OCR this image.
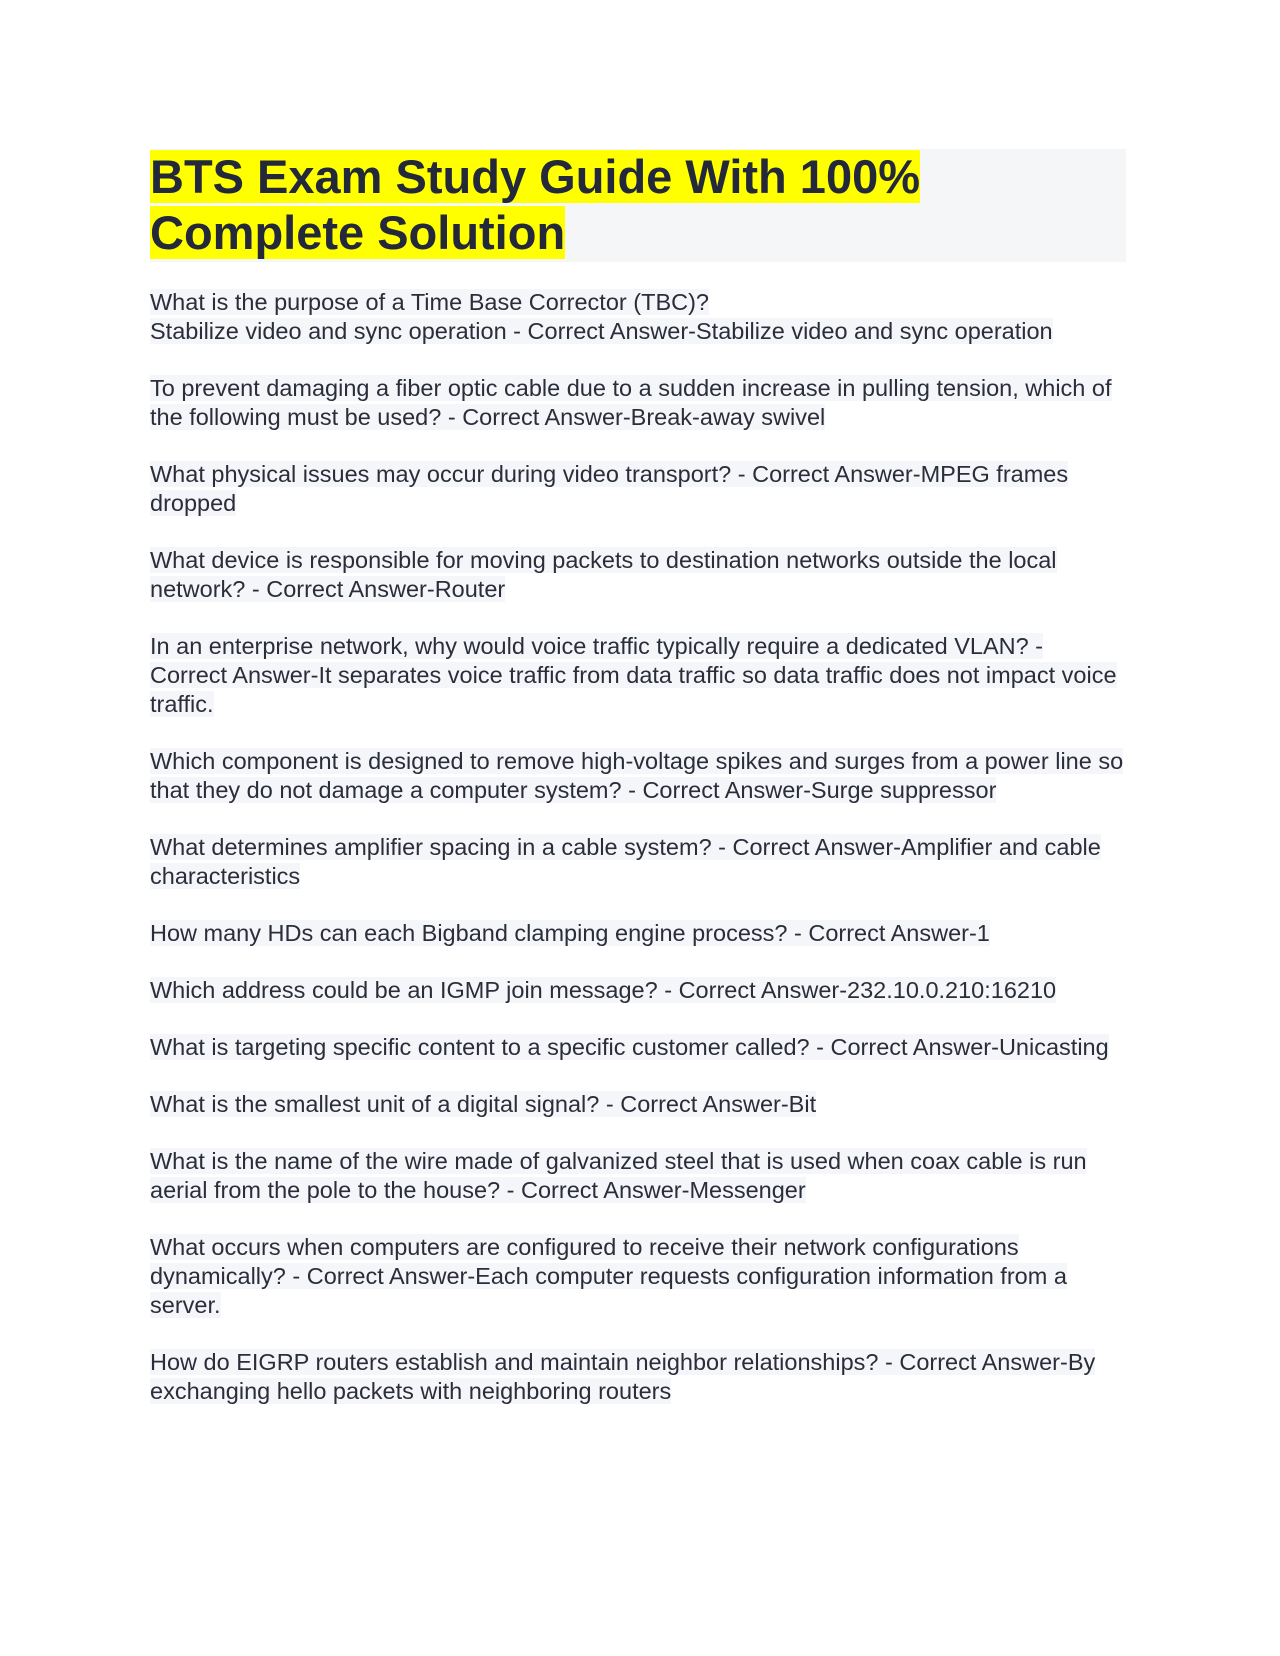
BTS Exam Study Guide With 100%
Complete Solution
What is the purpose of a Time Base Corrector (TBC)?
Stabilize video and sync operation - Correct Answer-Stabilize video and sync operation
To prevent damaging a fiber optic cable due to a sudden increase in pulling tension, which of the following must be used? - Correct Answer-Break-away swivel
What physical issues may occur during video transport? - Correct Answer-MPEG frames dropped
What device is responsible for moving packets to destination networks outside the local network? - Correct Answer-Router
In an enterprise network, why would voice traffic typically require a dedicated VLAN? - Correct Answer-It separates voice traffic from data traffic so data traffic does not impact voice traffic.
Which component is designed to remove high-voltage spikes and surges from a power line so that they do not damage a computer system? - Correct Answer-Surge suppressor
What determines amplifier spacing in a cable system? - Correct Answer-Amplifier and cable characteristics
How many HDs can each Bigband clamping engine process? - Correct Answer-1
Which address could be an IGMP join message? - Correct Answer-232.10.0.210:16210
What is targeting specific content to a specific customer called? - Correct Answer-Unicasting
What is the smallest unit of a digital signal? - Correct Answer-Bit
What is the name of the wire made of galvanized steel that is used when coax cable is run aerial from the pole to the house? - Correct Answer-Messenger
What occurs when computers are configured to receive their network configurations dynamically? - Correct Answer-Each computer requests configuration information from a server.
How do EIGRP routers establish and maintain neighbor relationships? - Correct Answer-By exchanging hello packets with neighboring routers
